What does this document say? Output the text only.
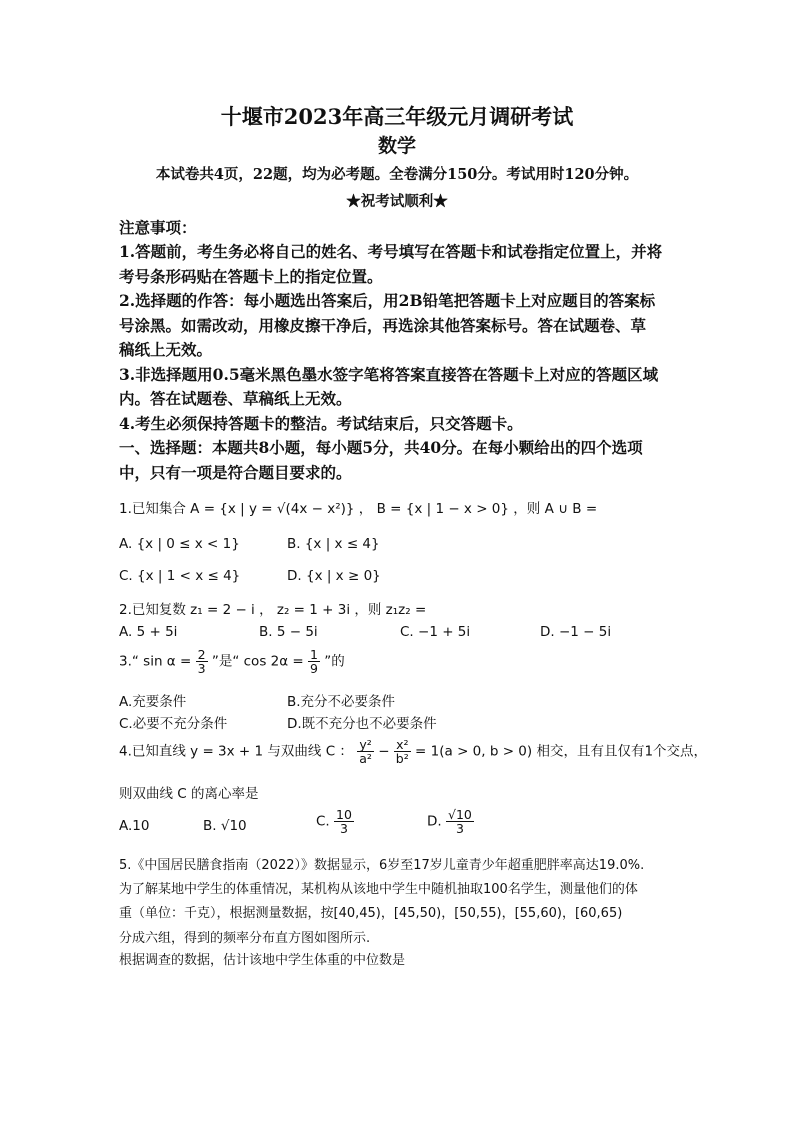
十堰市2023年高三年级元月调研考试
数学
本试卷共4页，22题，均为必考题。全卷满分150分。考试用时120分钟。
★祝考试顺利★
注意事项：
1.答题前，考生务必将自己的姓名、考号填写在答题卡和试卷指定位置上，并将
考号条形码贴在答题卡上的指定位置。
2.选择题的作答：每小题选出答案后，用2B铅笔把答题卡上对应题目的答案标
号涂黑。如需改动，用橡皮擦干净后，再选涂其他答案标号。答在试题卷、草
稿纸上无效。
3.非选择题用0.5毫米黑色墨水签字笔将答案直接答在答题卡上对应的答题区域
内。答在试题卷、草稿纸上无效。
4.考生必须保持答题卡的整洁。考试结束后，只交答题卡。
一、选择题：本题共8小题，每小题5分，共40分。在每小颗给出的四个选项
中，只有一项是符合题目要求的。
1.已知集合 A = {x | y = √(4x − x²)} ， B = {x | 1 − x > 0} ，则 A ∪ B =
A. {x | 0 ≤ x < 1}	B. {x | x ≤ 4}
C. {x | 1 < x ≤ 4}	D. {x | x ≥ 0}
2.已知复数 z₁ = 2 − i ， z₂ = 1 + 3i ，则 z₁z₂ =
A. 5 + 5i	B. 5 − 5i	C. −1 + 5i	D. −1 − 5i
3.“ $\sin \alpha = \frac{2}{3}$ ”是“ $\cos 2\alpha = \frac{1}{9}$ ”的
A.充要条件	B.充分不必要条件
C.必要不充分条件	D.既不充分也不必要条件
4.已知直线 y = 3x + 1 与双曲线 C ： $\frac{\text{y²}}{\text{a²}} - \frac{\text{x²}}{\text{b²}} = 1(a > 0$, b > 0) 相交，且有且仅有1个交点，
则双曲线 C 的离心率是
A.10	B. √10	C. $\frac{10}{3}$	D. $\frac{√10}{3}$
5.《中国居民膳食指南（2022）》数据显示，6岁至17岁儿童青少年超重肥胖率高达19.0%.
为了解某地中学生的体重情况，某机构从该地中学生中随机抽取100名学生，测量他们的体
重（单位：千克），根据测量数据，按[40,45)，[45,50)，[50,55)，[55,60)，[60,65)
分成六组，得到的频率分布直方图如图所示.
根据调查的数据，估计该地中学生体重的中位数是
